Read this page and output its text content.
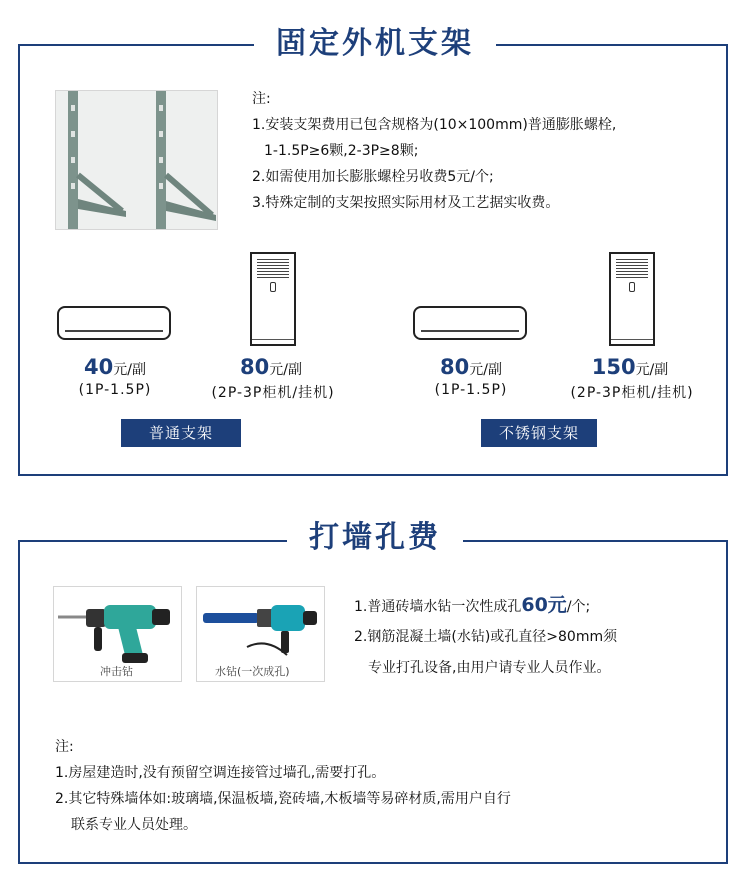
固定外机支架
注:
1.安装支架费用已包含规格为(10×100mm)普通膨胀螺栓,
1-1.5P≥6颗,2-3P≥8颗;
2.如需使用加长膨胀螺栓另收费5元/个;
3.特殊定制的支架按照实际用材及工艺据实收费。
40元/副
(1P-1.5P)
80元/副
(2P-3P柜机/挂机)
80元/副
(1P-1.5P)
150元/副
(2P-3P柜机/挂机)
普通支架	不锈钢支架
打墙孔费
冲击钻	水钻(一次成孔)
1.普通砖墙水钻一次性成孔60元/个;
2.钢筋混凝土墙(水钻)或孔直径>80mm须
专业打孔设备,由用户请专业人员作业。
注:
1.房屋建造时,没有预留空调连接管过墙孔,需要打孔。
2.其它特殊墙体如:玻璃墙,保温板墙,瓷砖墙,木板墙等易碎材质,需用户自行
联系专业人员处理。
